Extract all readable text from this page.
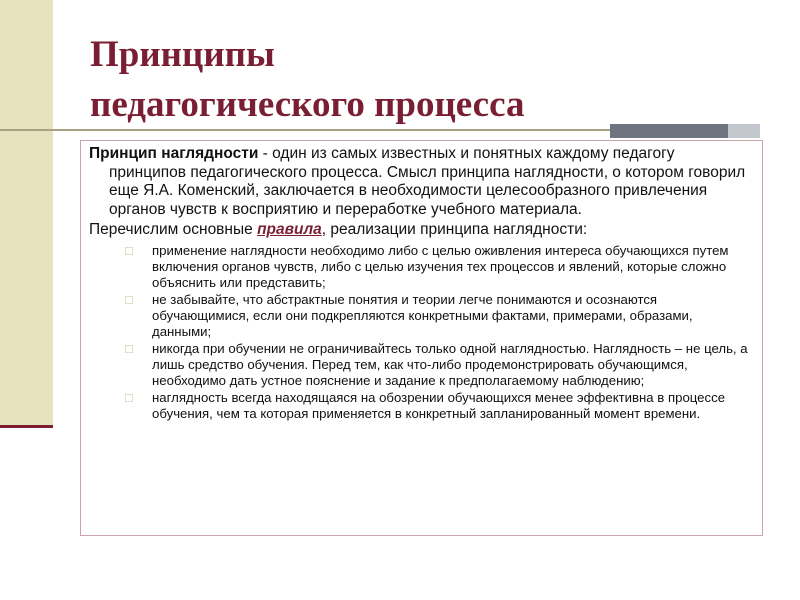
Принципы
педагогического процесса

Принцип наглядности - один из самых известных и понятных каждому педагогу принципов педагогического процесса. Смысл принципа наглядности, о котором говорил еще Я.А. Коменский, заключается в необходимости целесообразного привлечения органов чувств к восприятию и переработке учебного материала.

Перечислим основные правила, реализации принципа наглядности:

□ применение наглядности необходимо либо с целью оживления интереса обучающихся путем включения органов чувств, либо с целью изучения тех процессов и явлений, которые сложно объяснить или представить;
□ не забывайте, что абстрактные понятия и теории легче понимаются и осознаются обучающимися, если они подкрепляются конкретными фактами, примерами, образами, данными;
□ никогда при обучении не ограничивайтесь только одной наглядностью. Наглядность – не цель, а лишь средство обучения. Перед тем, как что-либо продемонстрировать обучающимся, необходимо дать устное пояснение и задание к предполагаемому наблюдению;
□ наглядность всегда находящаяся на обозрении обучающихся менее эффективна в процессе обучения, чем та которая применяется в конкретный запланированный момент времени.
